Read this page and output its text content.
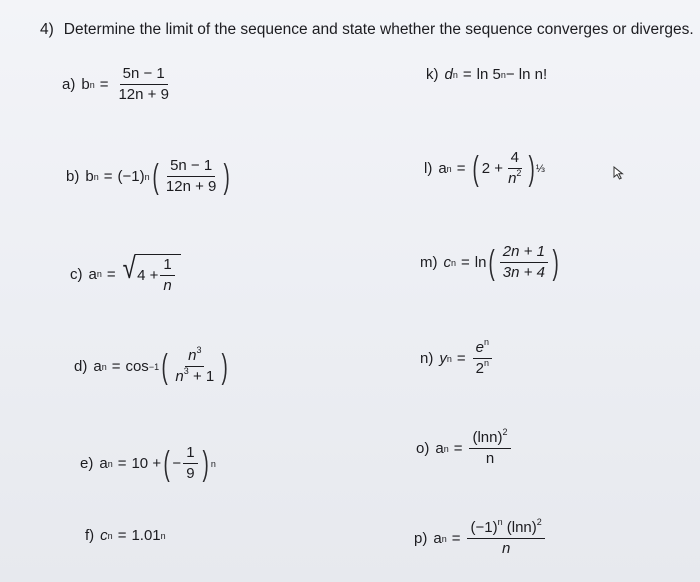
4) Determine the limit of the sequence and state whether the sequence converges or diverges.
a) b $n = \frac{5n - 1}{12n + 9}$
b) b n = (−1) n ( $\frac{5n - 1}{12n + 9}$ )
c) a n = √ $4 + \frac{1}{n}$
d) a n = cos −1 ( $\frac{n^3}{n^3 + 1}$ )
e) a n = 10 + ( − $\frac{1}{9}$ ) n
f) c n = 1.01 n
k) d n = ln 5 n − ln n!
l) a n = ( $2 + \frac{4}{n^2}$ ) ⅓
m) c n = ln ( $\frac{2n + 1}{3n + 4}$ )
n) y $n = \frac{e^n}{2^n}$
o) a $n = \frac{(\ln n)^2}{n}$
p) a $n = \frac{(-1)^n (\ln n)^2}{n}$
